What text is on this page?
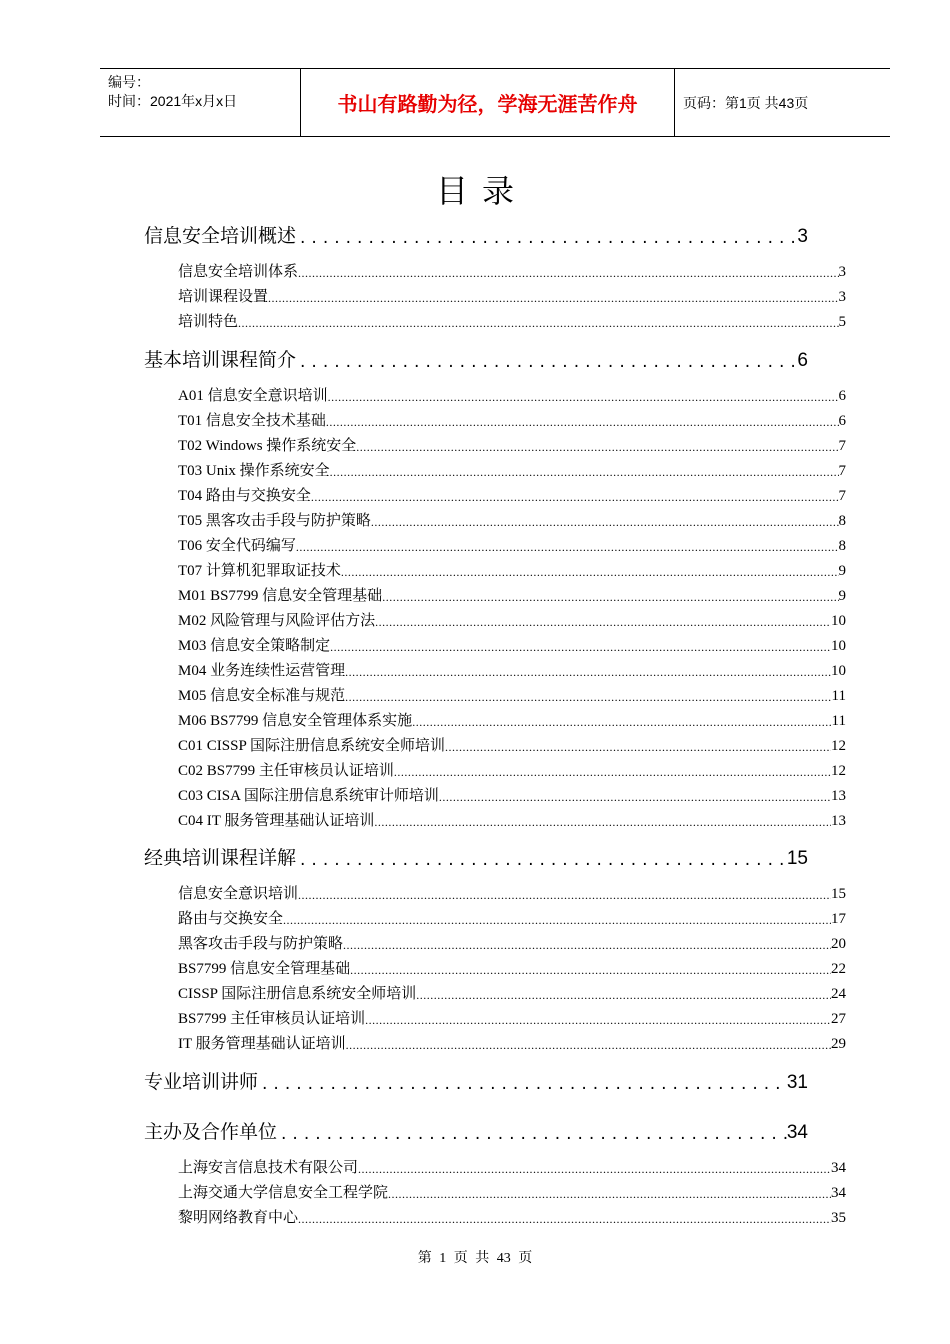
编号：
时间：2021年x月x日	书山有路勤为径，学海无涯苦作舟	页码：第1页 共43页
目录
信息安全培训概述 .....	3
信息安全培训体系 .....	3
培训课程设置 .....	3
培训特色 .....	5
基本培训课程简介 .....	6
A01 信息安全意识培训 .....	6
T01 信息安全技术基础 .....	6
T02 Windows 操作系统安全 .....	7
T03 Unix 操作系统安全 .....	7
T04 路由与交换安全 .....	7
T05 黑客攻击手段与防护策略 .....	8
T06 安全代码编写 .....	8
T07 计算机犯罪取证技术 .....	9
M01 BS7799 信息安全管理基础 .....	9
M02 风险管理与风险评估方法 .....	10
M03 信息安全策略制定 .....	10
M04 业务连续性运营管理 .....	10
M05 信息安全标准与规范 .....	11
M06 BS7799 信息安全管理体系实施 .....	11
C01 CISSP 国际注册信息系统安全师培训 .....	12
C02 BS7799 主任审核员认证培训 .....	12
C03 CISA 国际注册信息系统审计师培训 .....	13
C04 IT 服务管理基础认证培训 .....	13
经典培训课程详解 .....	15
信息安全意识培训 .....	15
路由与交换安全 .....	17
黑客攻击手段与防护策略 .....	20
BS7799 信息安全管理基础 .....	22
CISSP 国际注册信息系统安全师培训 .....	24
BS7799 主任审核员认证培训 .....	27
IT 服务管理基础认证培训 .....	29
专业培训讲师 .....	31
主办及合作单位 .....	34
上海安言信息技术有限公司 .....	34
上海交通大学信息安全工程学院 .....	34
黎明网络教育中心 .....	35
第 1 页 共 43 页
